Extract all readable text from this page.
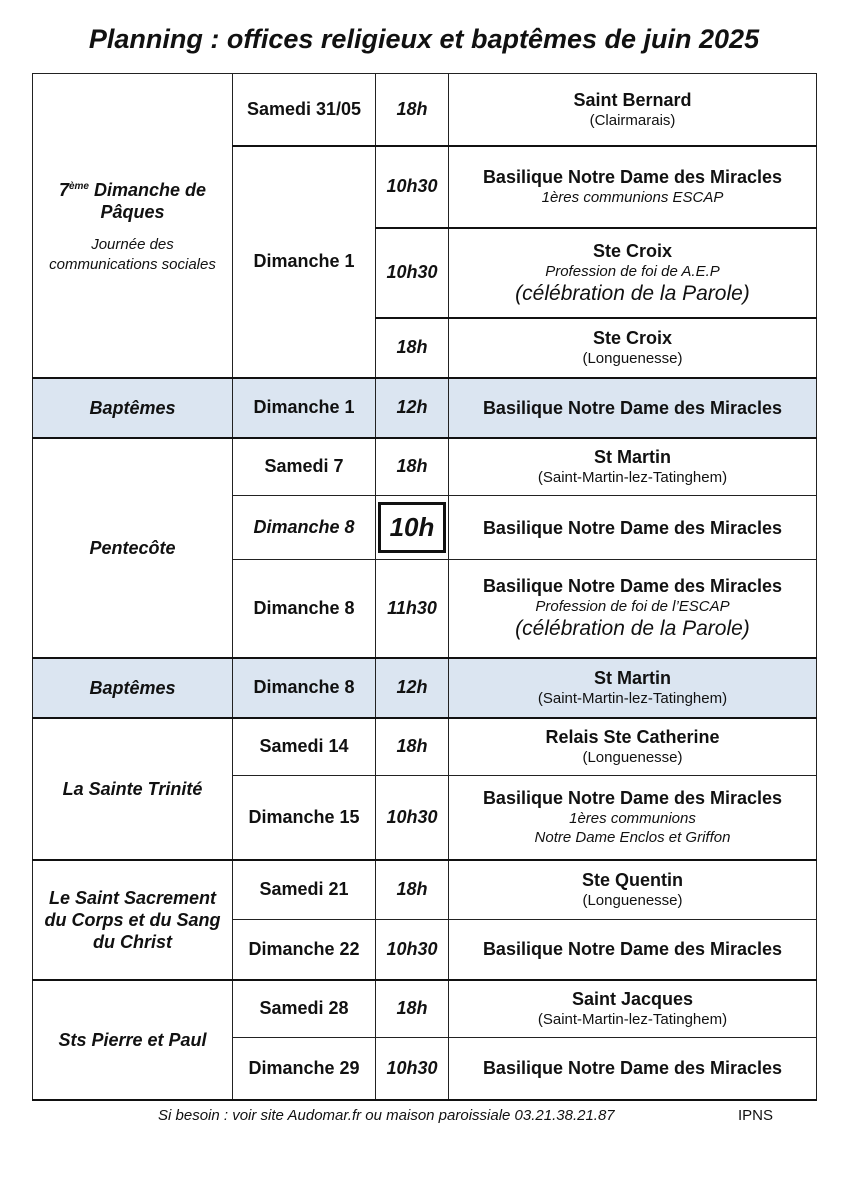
Planning : offices religieux et baptêmes de juin 2025
7ème Dimanche de Pâques
Journée des communications sociales	Samedi 31/05	18h	Saint Bernard
(Clairmarais)

	Dimanche 1	10h30	Basilique Notre Dame des Miracles
1ères communions ESCAP

		10h30	Ste Croix
Profession de foi de A.E.P
(célébration de la Parole)

		18h	Ste Croix
(Longuenesse)

Baptêmes	Dimanche 1	12h	Basilique Notre Dame des Miracles

Pentecôte	Samedi 7	18h	St Martin
(Saint-Martin-lez-Tatinghem)

	Dimanche 8	10h	Basilique Notre Dame des Miracles

	Dimanche 8	11h30	Basilique Notre Dame des Miracles
Profession de foi de l’ESCAP
(célébration de la Parole)

Baptêmes	Dimanche 8	12h	St Martin
(Saint-Martin-lez-Tatinghem)

La Sainte Trinité	Samedi 14	18h	Relais Ste Catherine
(Longuenesse)

	Dimanche 15	10h30	Basilique Notre Dame des Miracles
1ères communions
Notre Dame Enclos et Griffon

Le Saint Sacrement du Corps et du Sang du Christ	Samedi 21	18h	Ste Quentin
(Longuenesse)

	Dimanche 22	10h30	Basilique Notre Dame des Miracles

Sts Pierre et Paul	Samedi 28	18h	Saint Jacques
(Saint-Martin-lez-Tatinghem)

	Dimanche 29	10h30	Basilique Notre Dame des Miracles
Si besoin : voir site Audomar.fr ou maison paroissiale 03.21.38.21.87	IPNS
